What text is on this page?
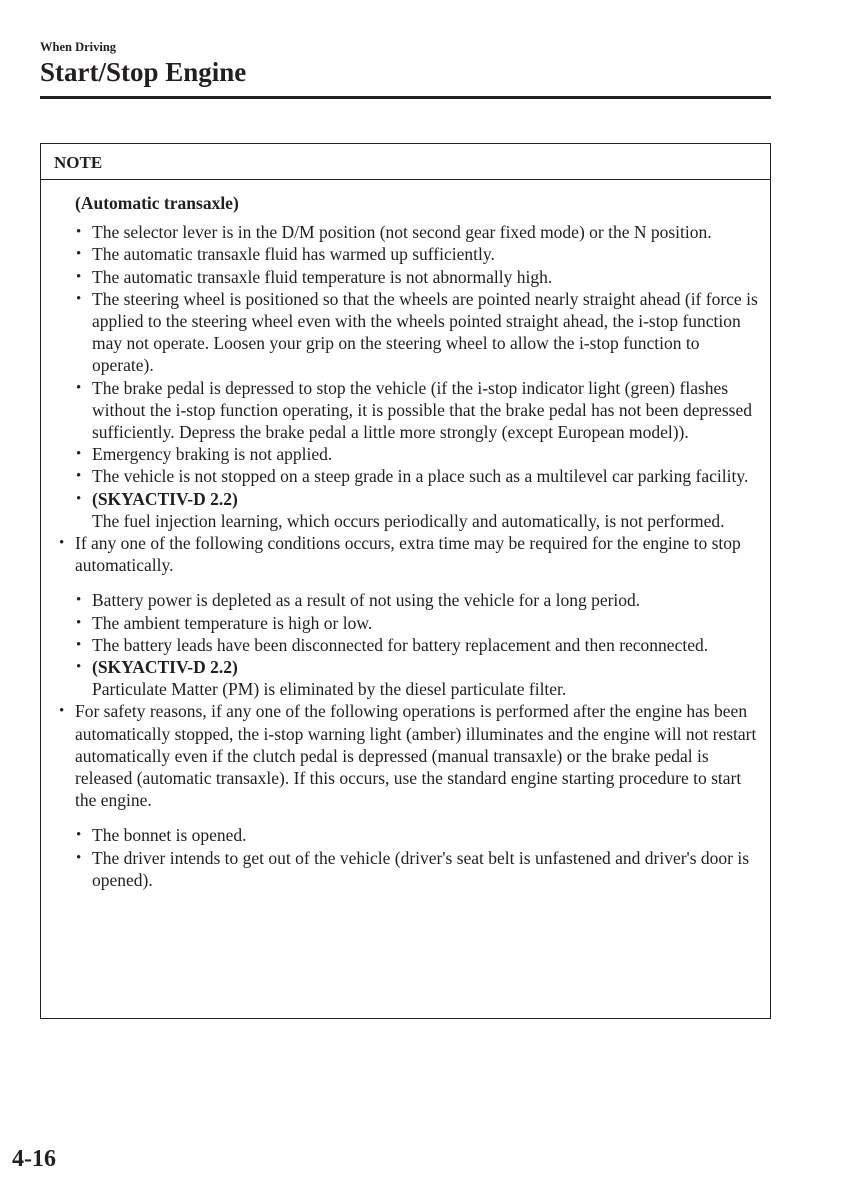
When Driving
Start/Stop Engine
NOTE
(Automatic transaxle)
• The selector lever is in the D/M position (not second gear fixed mode) or the N position.
• The automatic transaxle fluid has warmed up sufficiently.
• The automatic transaxle fluid temperature is not abnormally high.
• The steering wheel is positioned so that the wheels are pointed nearly straight ahead (if force is applied to the steering wheel even with the wheels pointed straight ahead, the i-stop function may not operate. Loosen your grip on the steering wheel to allow the i-stop function to operate).
• The brake pedal is depressed to stop the vehicle (if the i-stop indicator light (green) flashes without the i-stop function operating, it is possible that the brake pedal has not been depressed sufficiently. Depress the brake pedal a little more strongly (except European model)).
• Emergency braking is not applied.
• The vehicle is not stopped on a steep grade in a place such as a multilevel car parking facility.
• (SKYACTIV-D 2.2)
The fuel injection learning, which occurs periodically and automatically, is not performed.
• If any one of the following conditions occurs, extra time may be required for the engine to stop automatically.
• Battery power is depleted as a result of not using the vehicle for a long period.
• The ambient temperature is high or low.
• The battery leads have been disconnected for battery replacement and then reconnected.
• (SKYACTIV-D 2.2)
Particulate Matter (PM) is eliminated by the diesel particulate filter.
• For safety reasons, if any one of the following operations is performed after the engine has been automatically stopped, the i-stop warning light (amber) illuminates and the engine will not restart automatically even if the clutch pedal is depressed (manual transaxle) or the brake pedal is released (automatic transaxle). If this occurs, use the standard engine starting procedure to start the engine.
• The bonnet is opened.
• The driver intends to get out of the vehicle (driver's seat belt is unfastened and driver's door is opened).
4-16
